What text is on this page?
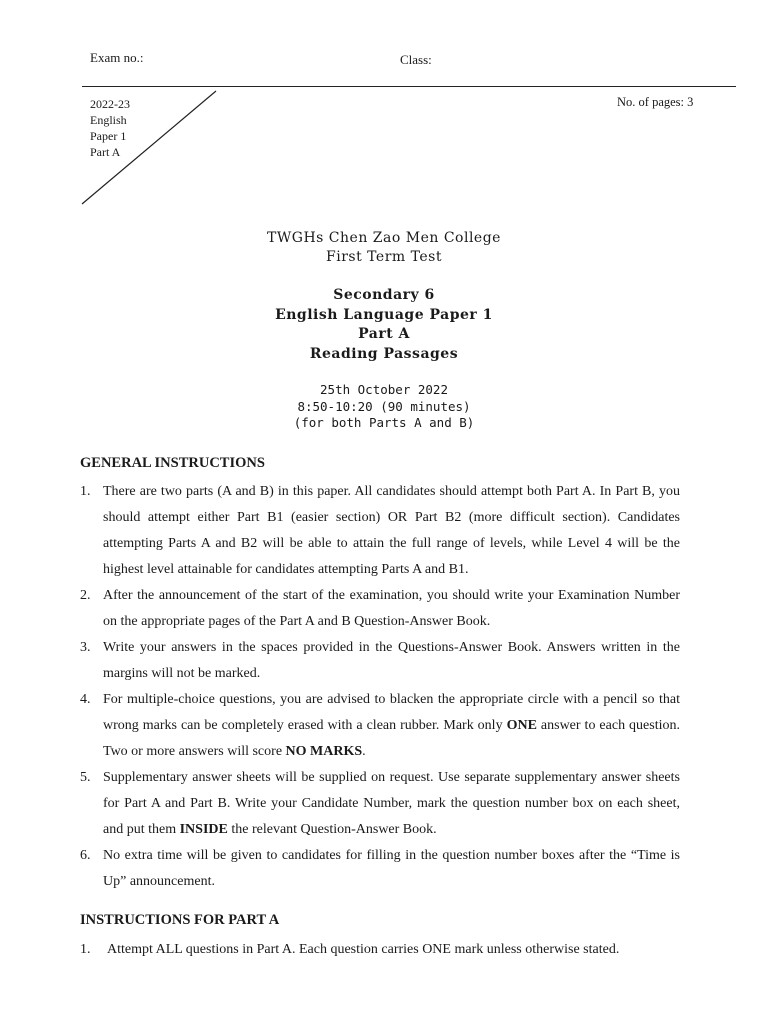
Exam no.:	Class:
No. of pages: 3
2022-23
English
Paper 1
Part A
TWGHs Chen Zao Men College
First Term Test
Secondary 6
English Language Paper 1
Part A
Reading Passages
25th October 2022
8:50-10:20 (90 minutes)
(for both Parts A and B)
GENERAL INSTRUCTIONS
1. There are two parts (A and B) in this paper. All candidates should attempt both Part A. In Part B, you should attempt either Part B1 (easier section) OR Part B2 (more difficult section). Candidates attempting Parts A and B2 will be able to attain the full range of levels, while Level 4 will be the highest level attainable for candidates attempting Parts A and B1.
2. After the announcement of the start of the examination, you should write your Examination Number on the appropriate pages of the Part A and B Question-Answer Book.
3. Write your answers in the spaces provided in the Questions-Answer Book. Answers written in the margins will not be marked.
4. For multiple-choice questions, you are advised to blacken the appropriate circle with a pencil so that wrong marks can be completely erased with a clean rubber. Mark only ONE answer to each question. Two or more answers will score NO MARKS.
5. Supplementary answer sheets will be supplied on request. Use separate supplementary answer sheets for Part A and Part B. Write your Candidate Number, mark the question number box on each sheet, and put them INSIDE the relevant Question-Answer Book.
6. No extra time will be given to candidates for filling in the question number boxes after the “Time is Up” announcement.
INSTRUCTIONS FOR PART A
1. Attempt ALL questions in Part A. Each question carries ONE mark unless otherwise stated.
